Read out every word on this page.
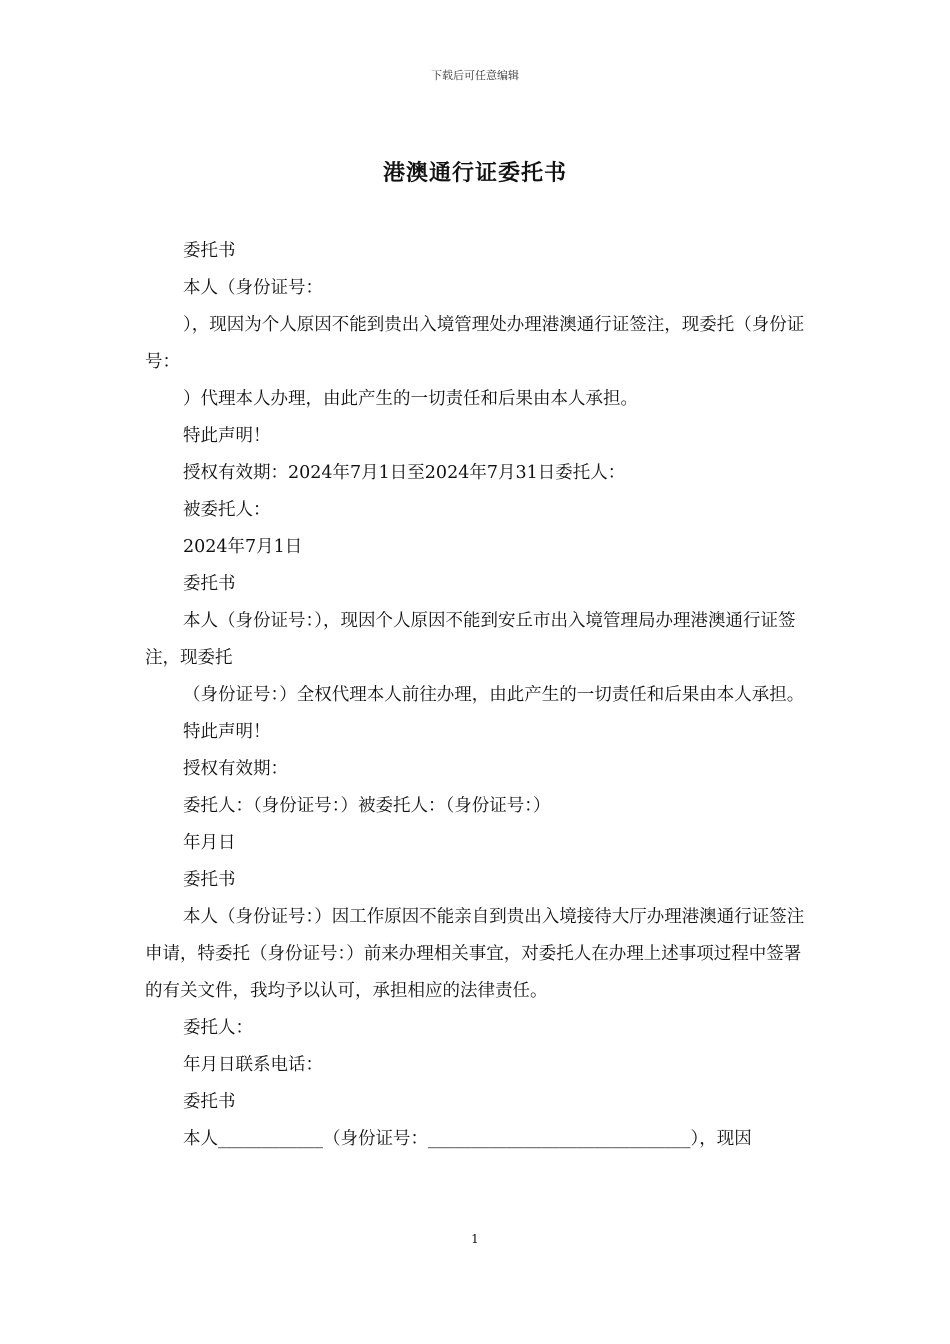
下载后可任意编辑
港澳通行证委托书

委托书

本人（身份证号：

），现因为个人原因不能到贵出入境管理处办理港澳通行证签注，现委托（身份证号：

）代理本人办理，由此产生的一切责任和后果由本人承担。

特此声明！

授权有效期：2024年7月1日至2024年7月31日委托人：

被委托人：

2024年7月1日

委托书

本人（身份证号：），现因个人原因不能到安丘市出入境管理局办理港澳通行证签注，现委托

（身份证号：）全权代理本人前往办理，由此产生的一切责任和后果由本人承担。

特此声明！

授权有效期：

委托人：（身份证号：）被委托人：（身份证号：）

年月日

委托书

本人（身份证号：）因工作原因不能亲自到贵出入境接待大厅办理港澳通行证签注申请，特委托（身份证号：）前来办理相关事宜，对委托人在办理上述事项过程中签署的有关文件，我均予以认可，承担相应的法律责任。

委托人：

年月日联系电话：

委托书

本人____________（身份证号：______________________________），现因

1
